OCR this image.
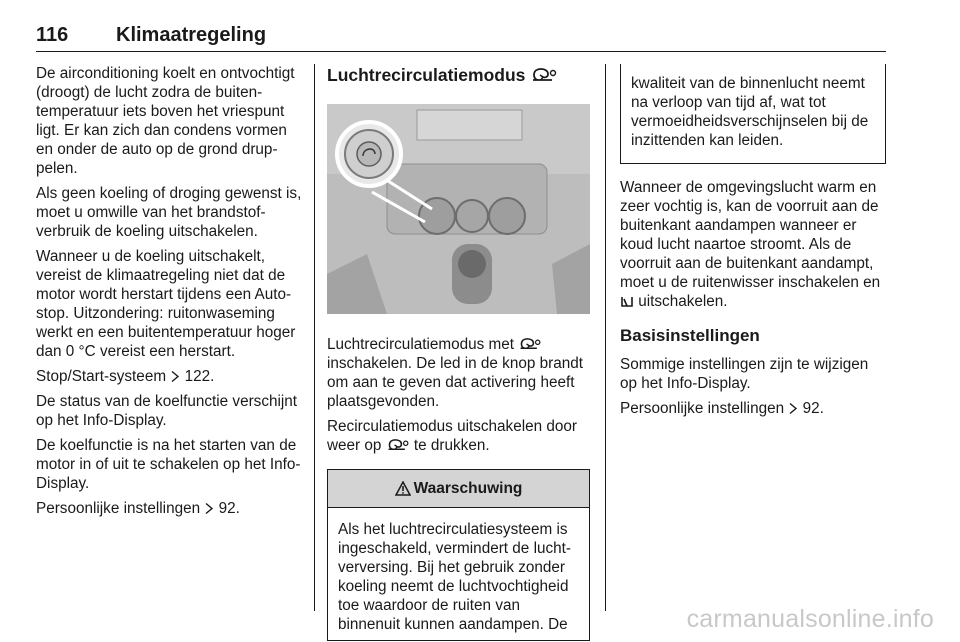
116 Klimaatregeling

De airconditioning koelt en ontvochtigt (droogt) de lucht zodra de buitentemperatuur iets boven het vriespunt ligt. Er kan zich dan condens vormen en onder de auto op de grond druppelen.

Als geen koeling of droging gewenst is, moet u omwille van het brandstofverbruik de koeling uitschakelen.

Wanneer u de koeling uitschakelt, vereist de klimaatregeling niet dat de motor wordt herstart tijdens een Auto-stop. Uitzondering: ruitonwaseming werkt en een buitentemperatuur hoger dan 0 °C vereist een herstart.

Stop/Start-systeem 122.

De status van de koelfunctie verschijnt op het Info-Display.

De koelfunctie is na het starten van de motor in of uit te schakelen op het Info-Display.

Persoonlijke instellingen 92.

Luchtrecirculatiemodus

Luchtrecirculatiemodus met  inschakelen. De led in de knop brandt om aan te geven dat activering heeft plaatsgevonden.

Recirculatiemodus uitschakelen door weer op te drukken.

Waarschuwing
Als het luchtrecirculatiesysteem is ingeschakeld, vermindert de luchtverversing. Bij het gebruik zonder koeling neemt de luchtvochtigheid toe waardoor de ruiten van binnenuit kunnen aandampen. De
kwaliteit van de binnenlucht neemt na verloop van tijd af, wat tot vermoeidheidsverschijnselen bij de inzittenden kan leiden.

Wanneer de omgevingslucht warm en zeer vochtig is, kan de voorruit aan de buitenkant aandampen wanneer er koud lucht naartoe stroomt. Als de voorruit aan de buitenkant aandampt, moet u de ruitenwisser inschakelen en  uitschakelen.

Basisinstellingen

Sommige instellingen zijn te wijzigen op het Info-Display.

Persoonlijke instellingen 92.

carmanualsonline.info
